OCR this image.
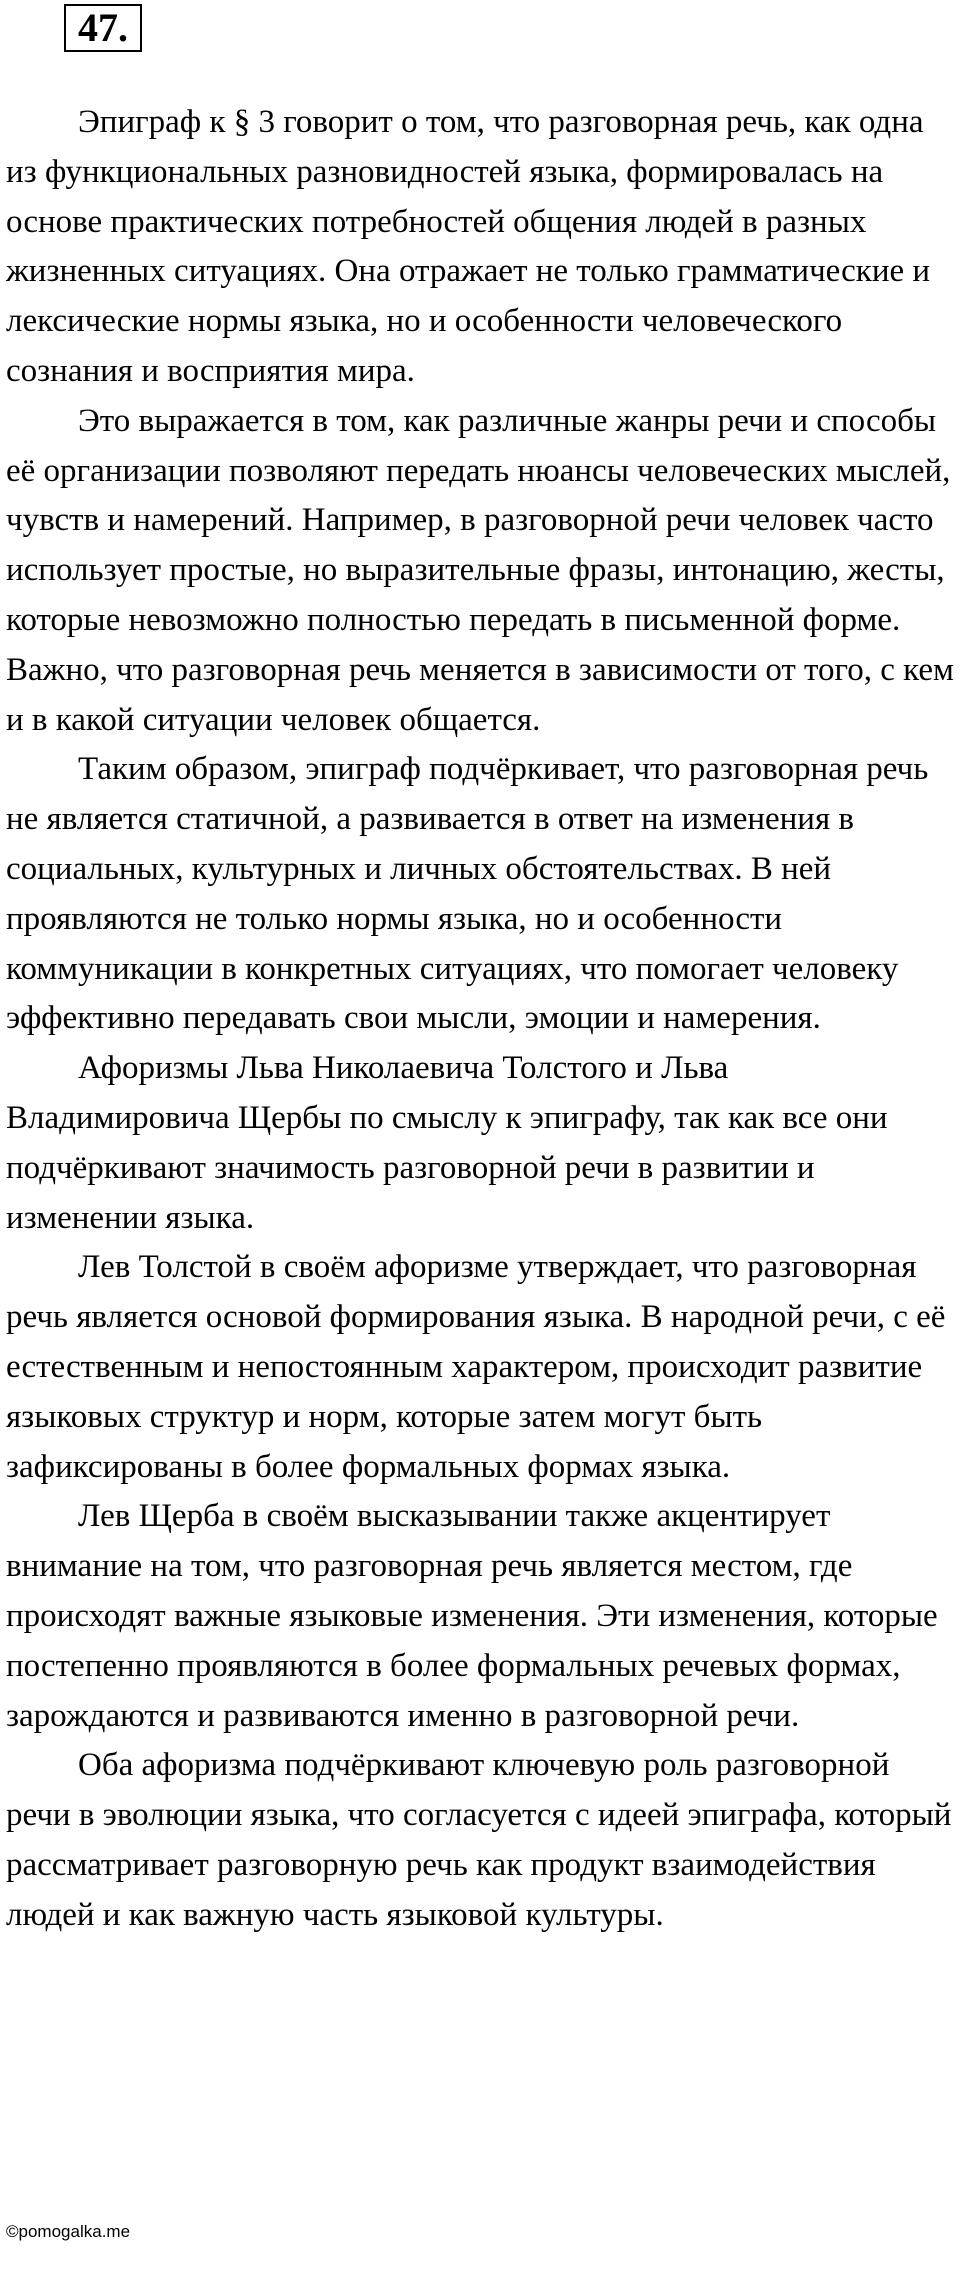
47.

Эпиграф к § 3 говорит о том, что разговорная речь, как одна из функциональных разновидностей языка, формировалась на основе практических потребностей общения людей в разных жизненных ситуациях. Она отражает не только грамматические и лексические нормы языка, но и особенности человеческого сознания и восприятия мира.

Это выражается в том, как различные жанры речи и способы её организации позволяют передать нюансы человеческих мыслей, чувств и намерений. Например, в разговорной речи человек часто использует простые, но выразительные фразы, интонацию, жесты, которые невозможно полностью передать в письменной форме. Важно, что разговорная речь меняется в зависимости от того, с кем и в какой ситуации человек общается.

Таким образом, эпиграф подчёркивает, что разговорная речь не является статичной, а развивается в ответ на изменения в социальных, культурных и личных обстоятельствах. В ней проявляются не только нормы языка, но и особенности коммуникации в конкретных ситуациях, что помогает человеку эффективно передавать свои мысли, эмоции и намерения.

Афоризмы Льва Николаевича Толстого и Льва Владимировича Щербы по смыслу к эпиграфу, так как все они подчёркивают значимость разговорной речи в развитии и изменении языка.

Лев Толстой в своём афоризме утверждает, что разговорная речь является основой формирования языка. В народной речи, с её естественным и непостоянным характером, происходит развитие языковых структур и норм, которые затем могут быть зафиксированы в более формальных формах языка.

Лев Щерба в своём высказывании также акцентирует внимание на том, что разговорная речь является местом, где происходят важные языковые изменения. Эти изменения, которые постепенно проявляются в более формальных речевых формах, зарождаются и развиваются именно в разговорной речи.

Оба афоризма подчёркивают ключевую роль разговорной речи в эволюции языка, что согласуется с идеей эпиграфа, который рассматривает разговорную речь как продукт взаимодействия людей и как важную часть языковой культуры.

©pomogalka.me
